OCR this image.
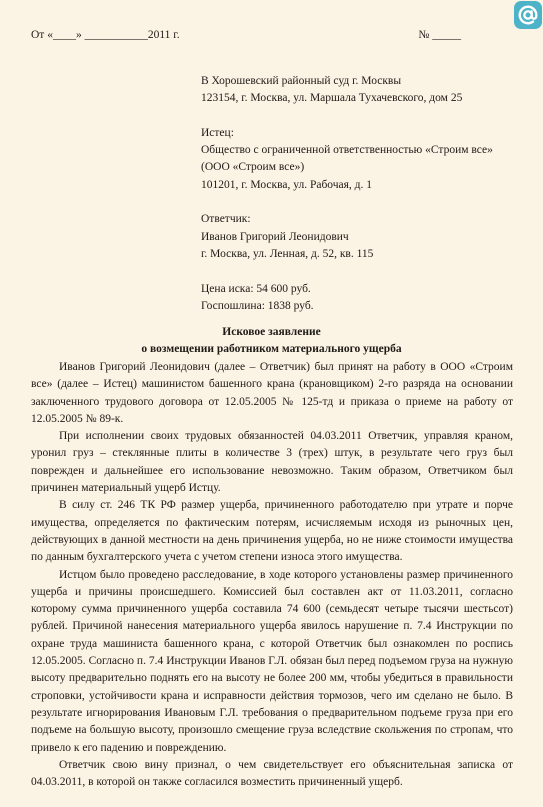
От «____» ___________2011 г.	№ _____
В Хорошевский районный суд г. Москвы
123154, г. Москва, ул. Маршала Тухачевского, дом 25
Истец:
Общество с ограниченной ответственностью «Строим все»
(ООО «Строим все»)
101201, г. Москва, ул. Рабочая, д. 1
Ответчик:
Иванов Григорий Леонидович
г. Москва, ул. Ленная, д. 52, кв. 115
Цена иска: 54 600 руб.
Госпошлина: 1838 руб.
Исковое заявление
о возмещении работником материального ущерба

Иванов Григорий Леонидович (далее – Ответчик) был принят на работу в ООО «Строим все» (далее – Истец) машинистом башенного крана (крановщиком) 2-го разряда на основании заключенного трудового договора от 12.05.2005 № 125-тд и приказа о приеме на работу от 12.05.2005 № 89-к.

При исполнении своих трудовых обязанностей 04.03.2011 Ответчик, управляя краном, уронил груз – стеклянные плиты в количестве 3 (трех) штук, в результате чего груз был поврежден и дальнейшее его использование невозможно. Таким образом, Ответчиком был причинен материальный ущерб Истцу.

В силу ст. 246 ТК РФ размер ущерба, причиненного работодателю при утрате и порче имущества, определяется по фактическим потерям, исчисляемым исходя из рыночных цен, действующих в данной местности на день причинения ущерба, но не ниже стоимости имущества по данным бухгалтерского учета с учетом степени износа этого имущества.

Истцом было проведено расследование, в ходе которого установлены размер причиненного ущерба и причины происшедшего. Комиссией был составлен акт от 11.03.2011, согласно которому сумма причиненного ущерба составила 74 600 (семьдесят четыре тысячи шестьсот) рублей. Причиной нанесения материального ущерба явилось нарушение п. 7.4 Инструкции по охране труда машиниста башенного крана, с которой Ответчик был ознакомлен по роспись 12.05.2005. Согласно п. 7.4 Инструкции Иванов Г.Л. обязан был перед подъемом груза на нужную высоту предварительно поднять его на высоту не более 200 мм, чтобы убедиться в правильности строповки, устойчивости крана и исправности действия тормозов, чего им сделано не было. В результате игнорирования Ивановым Г.Л. требования о предварительном подъеме груза при его подъеме на большую высоту, произошло смещение груза вследствие скольжения по стропам, что привело к его падению и повреждению.

Ответчик свою вину признал, о чем свидетельствует его объяснительная записка от 04.03.2011, в которой он также согласился возместить причиненный ущерб.
